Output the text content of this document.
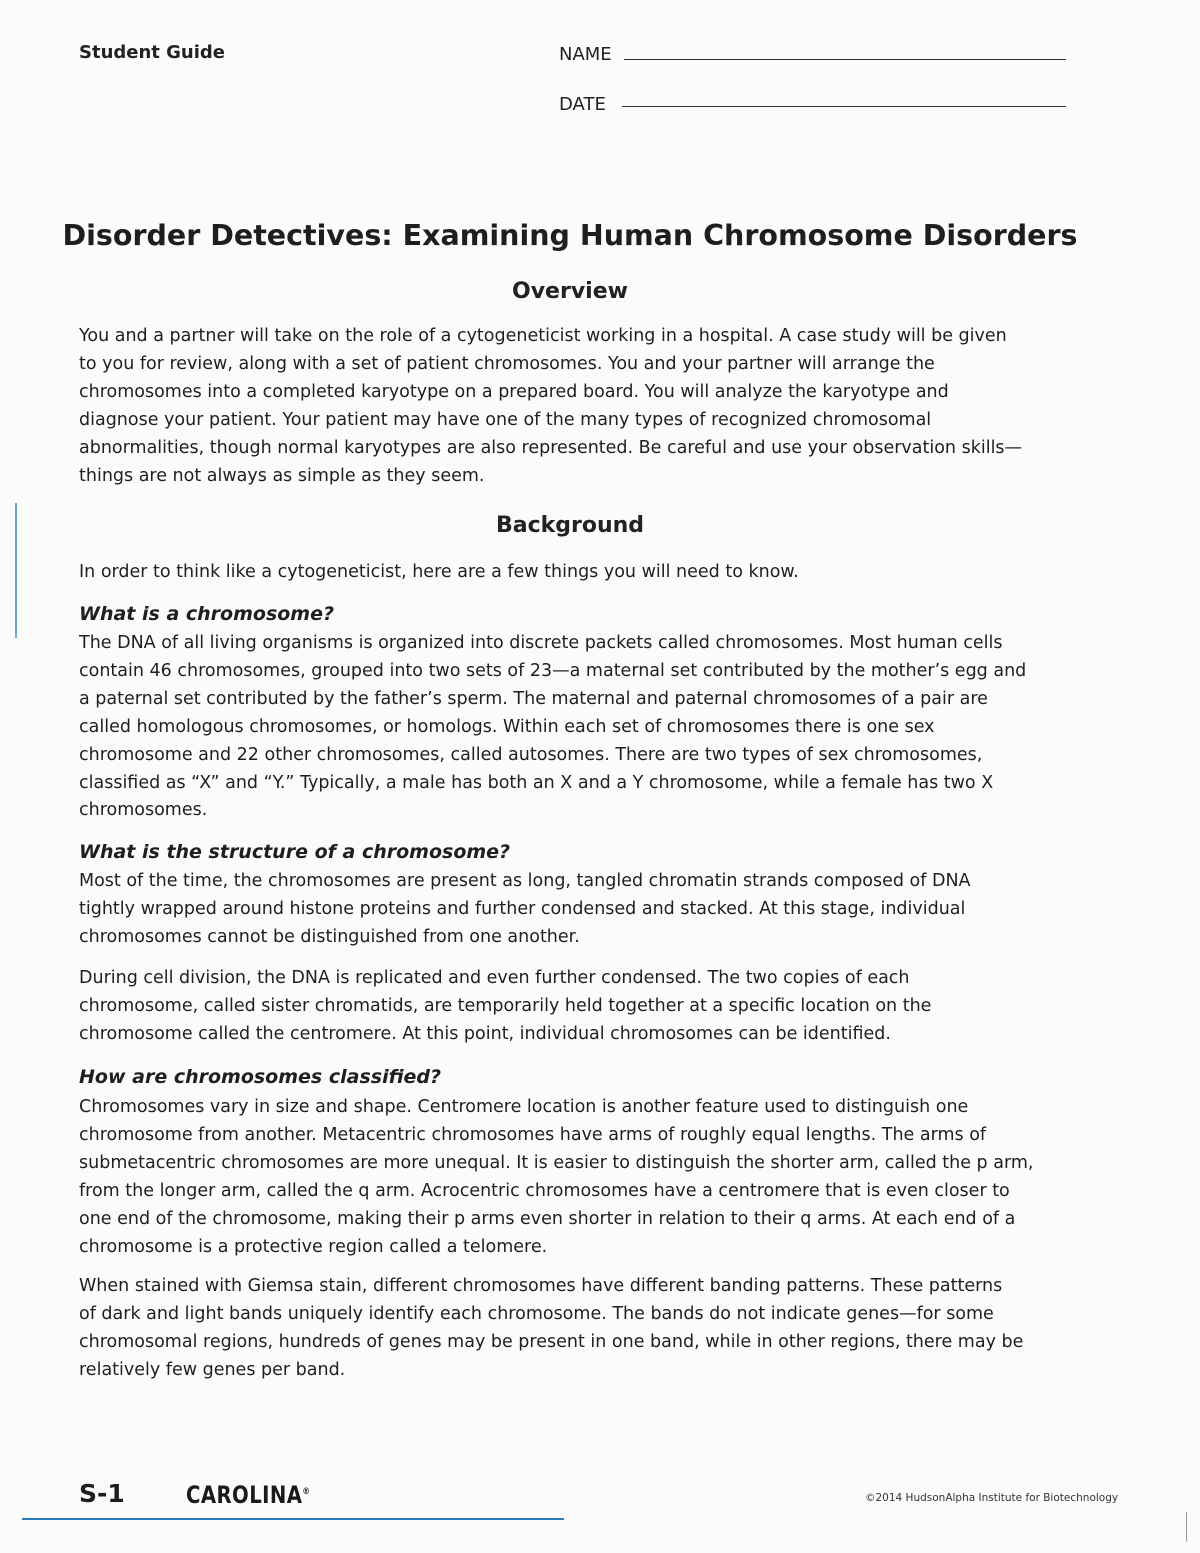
Student Guide	NAME
DATE
Disorder Detectives: Examining Human Chromosome Disorders
Overview

You and a partner will take on the role of a cytogeneticist working in a hospital. A case study will be given
to you for review, along with a set of patient chromosomes. You and your partner will arrange the
chromosomes into a completed karyotype on a prepared board. You will analyze the karyotype and
diagnose your patient. Your patient may have one of the many types of recognized chromosomal
abnormalities, though normal karyotypes are also represented. Be careful and use your observation skills—
things are not always as simple as they seem.

Background

In order to think like a cytogeneticist, here are a few things you will need to know.

What is a chromosome?

The DNA of all living organisms is organized into discrete packets called chromosomes. Most human cells
contain 46 chromosomes, grouped into two sets of 23—a maternal set contributed by the mother’s egg and
a paternal set contributed by the father’s sperm. The maternal and paternal chromosomes of a pair are
called homologous chromosomes, or homologs. Within each set of chromosomes there is one sex
chromosome and 22 other chromosomes, called autosomes. There are two types of sex chromosomes,
classified as “X” and “Y.” Typically, a male has both an X and a Y chromosome, while a female has two X
chromosomes.

What is the structure of a chromosome?

Most of the time, the chromosomes are present as long, tangled chromatin strands composed of DNA
tightly wrapped around histone proteins and further condensed and stacked. At this stage, individual
chromosomes cannot be distinguished from one another.

During cell division, the DNA is replicated and even further condensed. The two copies of each
chromosome, called sister chromatids, are temporarily held together at a specific location on the
chromosome called the centromere. At this point, individual chromosomes can be identified.

How are chromosomes classified?

Chromosomes vary in size and shape. Centromere location is another feature used to distinguish one
chromosome from another. Metacentric chromosomes have arms of roughly equal lengths. The arms of
submetacentric chromosomes are more unequal. It is easier to distinguish the shorter arm, called the p arm,
from the longer arm, called the q arm. Acrocentric chromosomes have a centromere that is even closer to
one end of the chromosome, making their p arms even shorter in relation to their q arms. At each end of a
chromosome is a protective region called a telomere.

When stained with Giemsa stain, different chromosomes have different banding patterns. These patterns
of dark and light bands uniquely identify each chromosome. The bands do not indicate genes—for some
chromosomal regions, hundreds of genes may be present in one band, while in other regions, there may be
relatively few genes per band.

S-1	CAROLINA®	©2014 HudsonAlpha Institute for Biotechnology
